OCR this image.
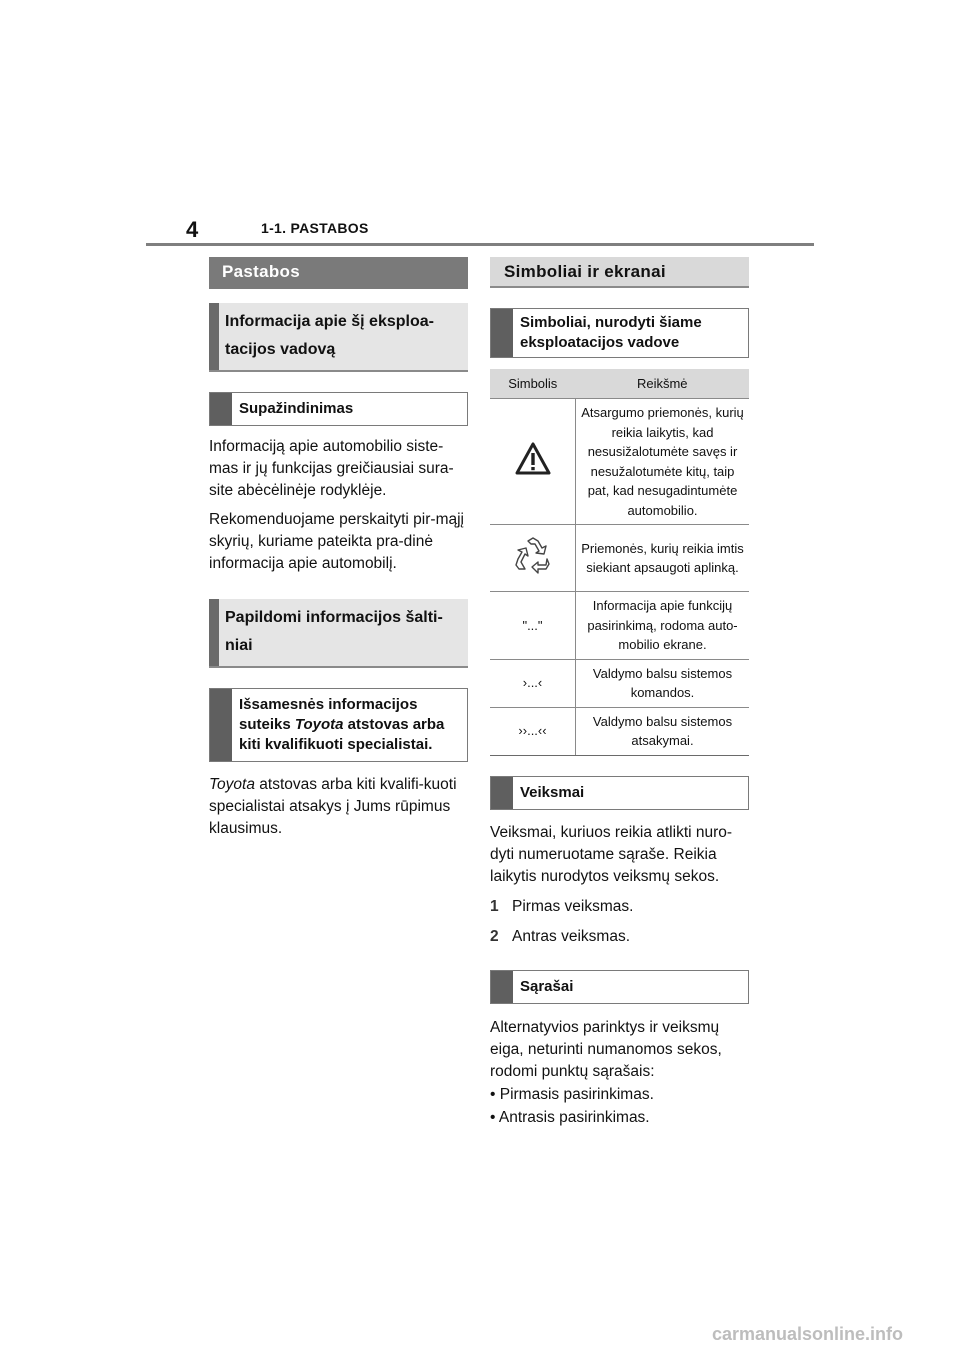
4	1-1. PASTABOS
Pastabos
Informacija apie šį eksploa-tacijos vadovą
Supažindinimas

Informaciją apie automobilio siste-mas ir jų funkcijas greičiausiai sura-site abėcėlinėje rodyklėje.

Rekomenduojame perskaityti pir-mąjį skyrių, kuriame pateikta pra-dinė informacija apie automobilį.

Papildomi informacijos šalti-niai
Išsamesnės informacijos suteiks Toyota atstovas arba kiti kvalifikuoti specialistai.

Toyota atstovas arba kiti kvalifi-kuoti specialistai atsakys į Jums rūpimus klausimus.

Simboliai ir ekranai
Simboliai, nurodyti šiame eksploatacijos vadove
Simbolis	Reikšmė
	Atsargumo priemonės, kurių reikia laikytis, kad nesusižalotumėte savęs ir nesužalotumėte kitų, taip pat, kad nesugadintumėte automobilio.
	Priemonės, kurių reikia imtis siekiant apsaugoti aplinką.
"..."	Informacija apie funkcijų pasirinkimą, rodoma auto-mobilio ekrane.
›...‹	Valdymo balsu sistemos komandos.
››...‹‹	Valdymo balsu sistemos atsakymai.
Veiksmai

Veiksmai, kuriuos reikia atlikti nuro-dyti numeruotame sąraše. Reikia laikytis nurodytos veiksmų sekos.

1 Pirmas veiksmas.
2 Antras veiksmas.
Sąrašai

Alternatyvios parinktys ir veiksmų eiga, neturinti numanomos sekos, rodomi punktų sąrašais:

• Pirmasis pasirinkimas.
• Antrasis pasirinkimas.
carmanualsonline.info
